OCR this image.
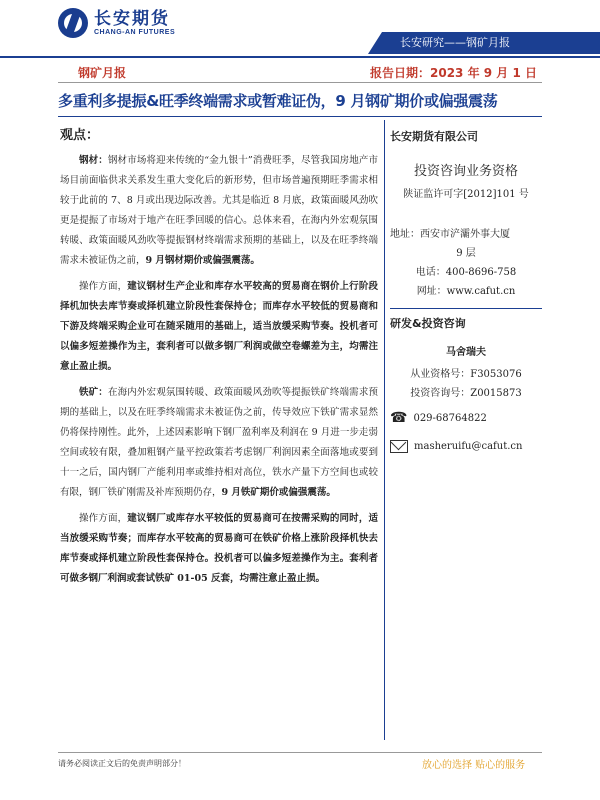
长安期货
CHANG-AN FUTURES
长安研究——钢矿月报
钢矿月报	报告日期：2023 年 9 月 1 日
多重利多提振&旺季终端需求或暂难证伪，9 月钢矿期价或偏强震荡
观点：

钢材：钢材市场将迎来传统的“金九银十”消费旺季，尽管我国房地产市场目前面临供求关系发生重大变化后的新形势，但市场普遍预期旺季需求相较于此前的 7、8 月或出现边际改善。尤其是临近 8 月底，政策面暖风劲吹更是提振了市场对于地产在旺季回暖的信心。总体来看，在海内外宏观氛围转暖、政策面暖风劲吹等提振钢材终端需求预期的基础上，以及在旺季终端需求未被证伪之前，9 月钢材期价或偏强震荡。

操作方面，建议钢材生产企业和库存水平较高的贸易商在钢价上行阶段择机加快去库节奏或择机建立阶段性套保持仓；而库存水平较低的贸易商和下游及终端采购企业可在随采随用的基础上，适当放缓采购节奏。投机者可以偏多短差操作为主，套利者可以做多钢厂利润或做空卷螺差为主，均需注意止盈止损。

铁矿：在海内外宏观氛围转暖、政策面暖风劲吹等提振铁矿终端需求预期的基础上，以及在旺季终端需求未被证伪之前，传导效应下铁矿需求显然仍将保持刚性。此外，上述因素影响下钢厂盈利率及利润在 9 月进一步走弱空间或较有限，叠加粗钢产量平控政策若考虑钢厂利润因素全面落地或要到十一之后，国内钢厂产能利用率或维持相对高位，铁水产量下方空间也或较有限，钢厂铁矿刚需及补库预期仍存，9 月铁矿期价或偏强震荡。

操作方面，建议钢厂或库存水平较低的贸易商可在按需采购的同时，适当放缓采购节奏；而库存水平较高的贸易商可在铁矿价格上涨阶段择机快去库节奏或择机建立阶段性套保持仓。投机者可以偏多短差操作为主。套利者可做多钢厂利润或套试铁矿 01-05 反套，均需注意止盈止损。

长安期货有限公司
投资咨询业务资格
陕证监许可字[2012]101 号
地址：西安市浐灞外事大厦
9 层
电话：400-8696-758
网址：www.cafut.cn
研发&投资咨询
马舍瑞夫
从业资格号：F3053076
投资咨询号：Z0015873
☎ 029-68764822
masheruifu@cafut.cn
请务必阅读正文后的免责声明部分！	放心的选择 贴心的服务
